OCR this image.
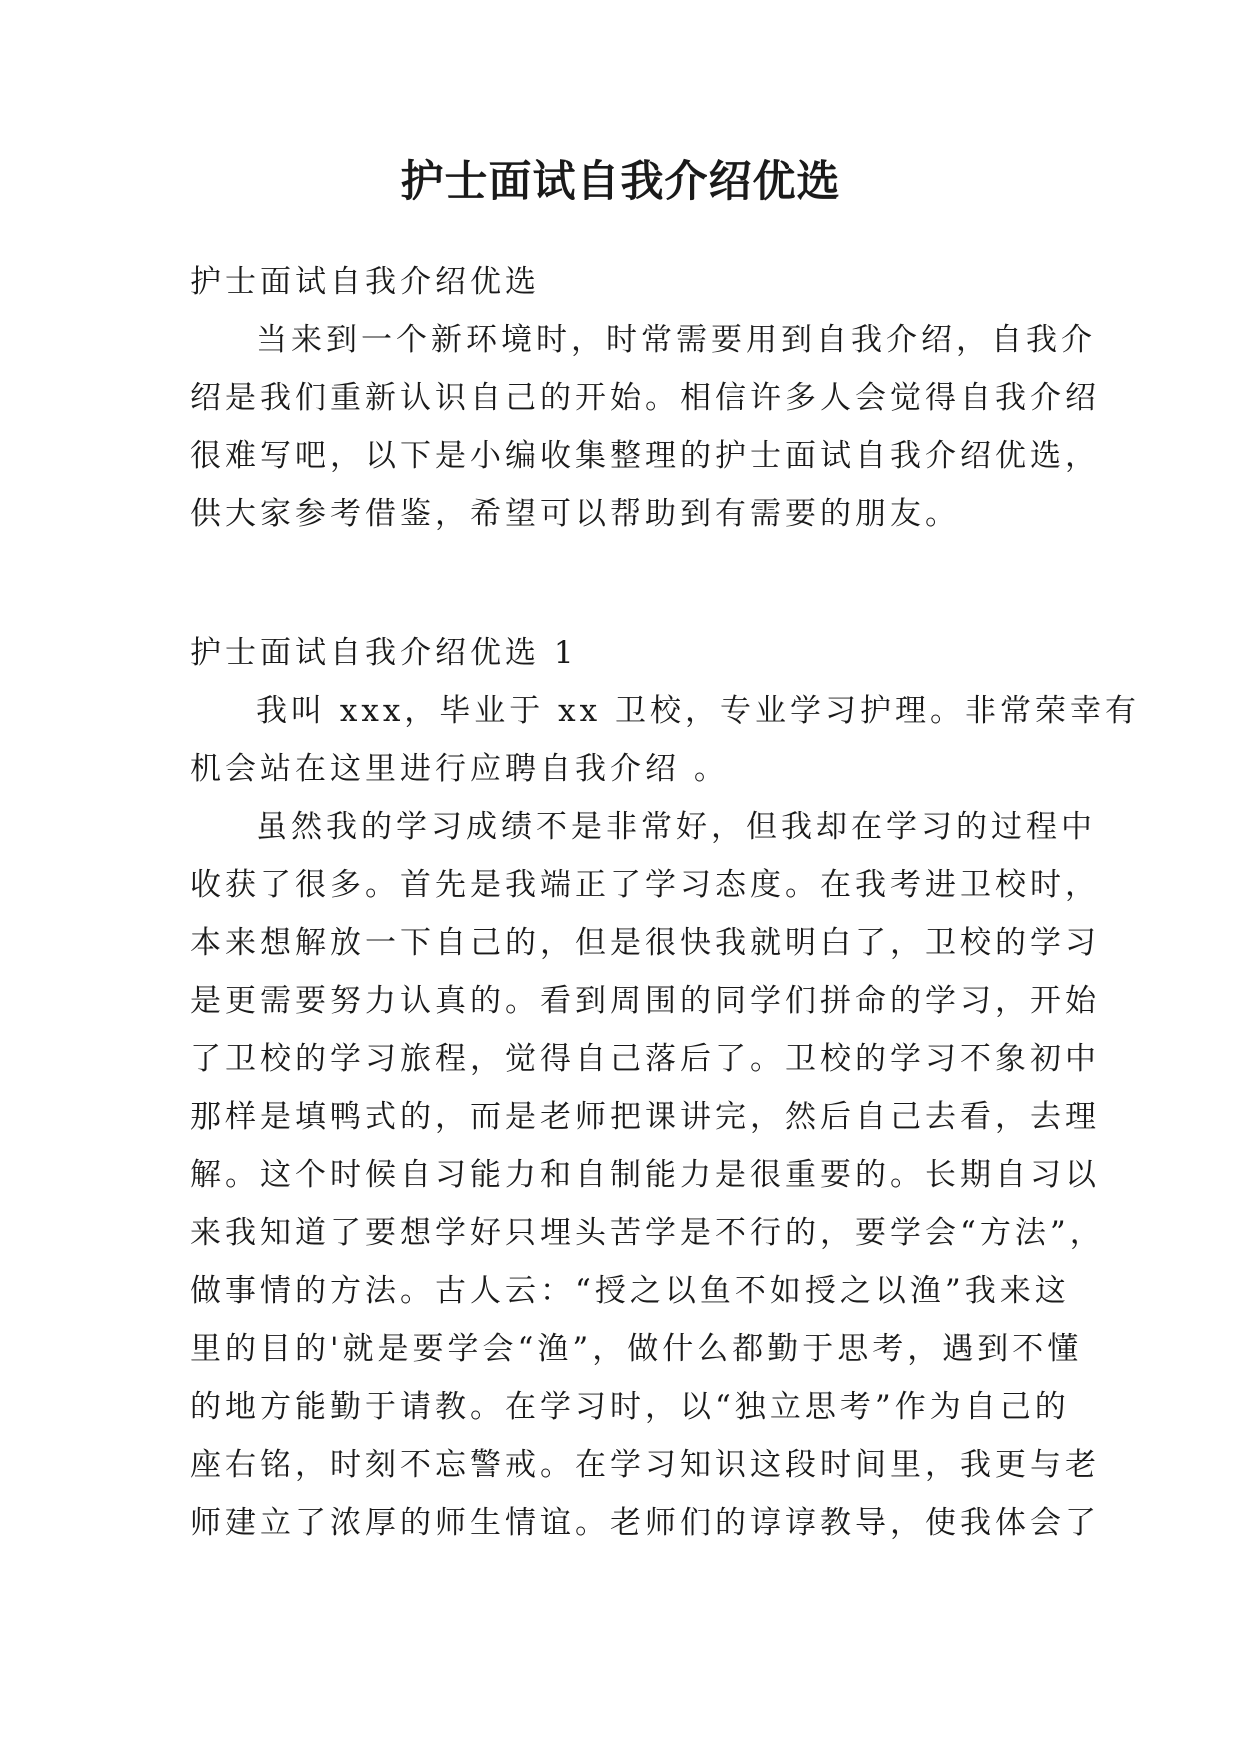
护士面试自我介绍优选
护士面试自我介绍优选
当来到一个新环境时，时常需要用到自我介绍，自我介
绍是我们重新认识自己的开始。相信许多人会觉得自我介绍
很难写吧，以下是小编收集整理的护士面试自我介绍优选，
供大家参考借鉴，希望可以帮助到有需要的朋友。
护士面试自我介绍优选 1
我叫 xxx，毕业于 xx 卫校，专业学习护理。非常荣幸有
机会站在这里进行应聘自我介绍 。
虽然我的学习成绩不是非常好，但我却在学习的过程中
收获了很多。首先是我端正了学习态度。在我考进卫校时，
本来想解放一下自己的，但是很快我就明白了，卫校的学习
是更需要努力认真的。看到周围的同学们拼命的学习，开始
了卫校的学习旅程，觉得自己落后了。卫校的学习不象初中
那样是填鸭式的，而是老师把课讲完，然后自己去看，去理
解。这个时候自习能力和自制能力是很重要的。长期自习以
来我知道了要想学好只埋头苦学是不行的，要学会“方法”，
做事情的方法。古人云：“授之以鱼不如授之以渔”我来这
里的目的'就是要学会“渔”，做什么都勤于思考，遇到不懂
的地方能勤于请教。在学习时，以“独立思考”作为自己的
座右铭，时刻不忘警戒。在学习知识这段时间里，我更与老
师建立了浓厚的师生情谊。老师们的谆谆教导，使我体会了
